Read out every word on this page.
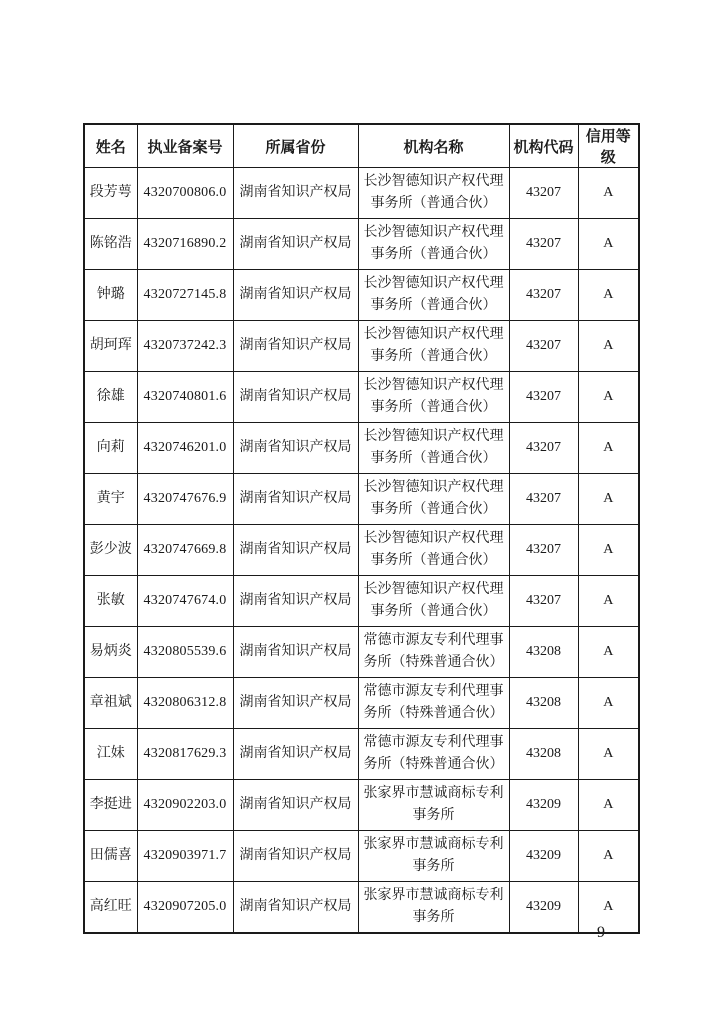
姓名	执业备案号	所属省份	机构名称	机构代码	信用等级
段芳萼	4320700806.0	湖南省知识产权局	长沙智德知识产权代理事务所（普通合伙）	43207	A
陈铭浩	4320716890.2	湖南省知识产权局	长沙智德知识产权代理事务所（普通合伙）	43207	A
钟璐	4320727145.8	湖南省知识产权局	长沙智德知识产权代理事务所（普通合伙）	43207	A
胡珂珲	4320737242.3	湖南省知识产权局	长沙智德知识产权代理事务所（普通合伙）	43207	A
徐雄	4320740801.6	湖南省知识产权局	长沙智德知识产权代理事务所（普通合伙）	43207	A
向莉	4320746201.0	湖南省知识产权局	长沙智德知识产权代理事务所（普通合伙）	43207	A
黄宇	4320747676.9	湖南省知识产权局	长沙智德知识产权代理事务所（普通合伙）	43207	A
彭少波	4320747669.8	湖南省知识产权局	长沙智德知识产权代理事务所（普通合伙）	43207	A
张敏	4320747674.0	湖南省知识产权局	长沙智德知识产权代理事务所（普通合伙）	43207	A
易炳炎	4320805539.6	湖南省知识产权局	常德市源友专利代理事务所（特殊普通合伙）	43208	A
章祖斌	4320806312.8	湖南省知识产权局	常德市源友专利代理事务所（特殊普通合伙）	43208	A
江妹	4320817629.3	湖南省知识产权局	常德市源友专利代理事务所（特殊普通合伙）	43208	A
李挺进	4320902203.0	湖南省知识产权局	张家界市慧诚商标专利事务所	43209	A
田儒喜	4320903971.7	湖南省知识产权局	张家界市慧诚商标专利事务所	43209	A
高红旺	4320907205.0	湖南省知识产权局	张家界市慧诚商标专利事务所	43209	A
— 9 —
